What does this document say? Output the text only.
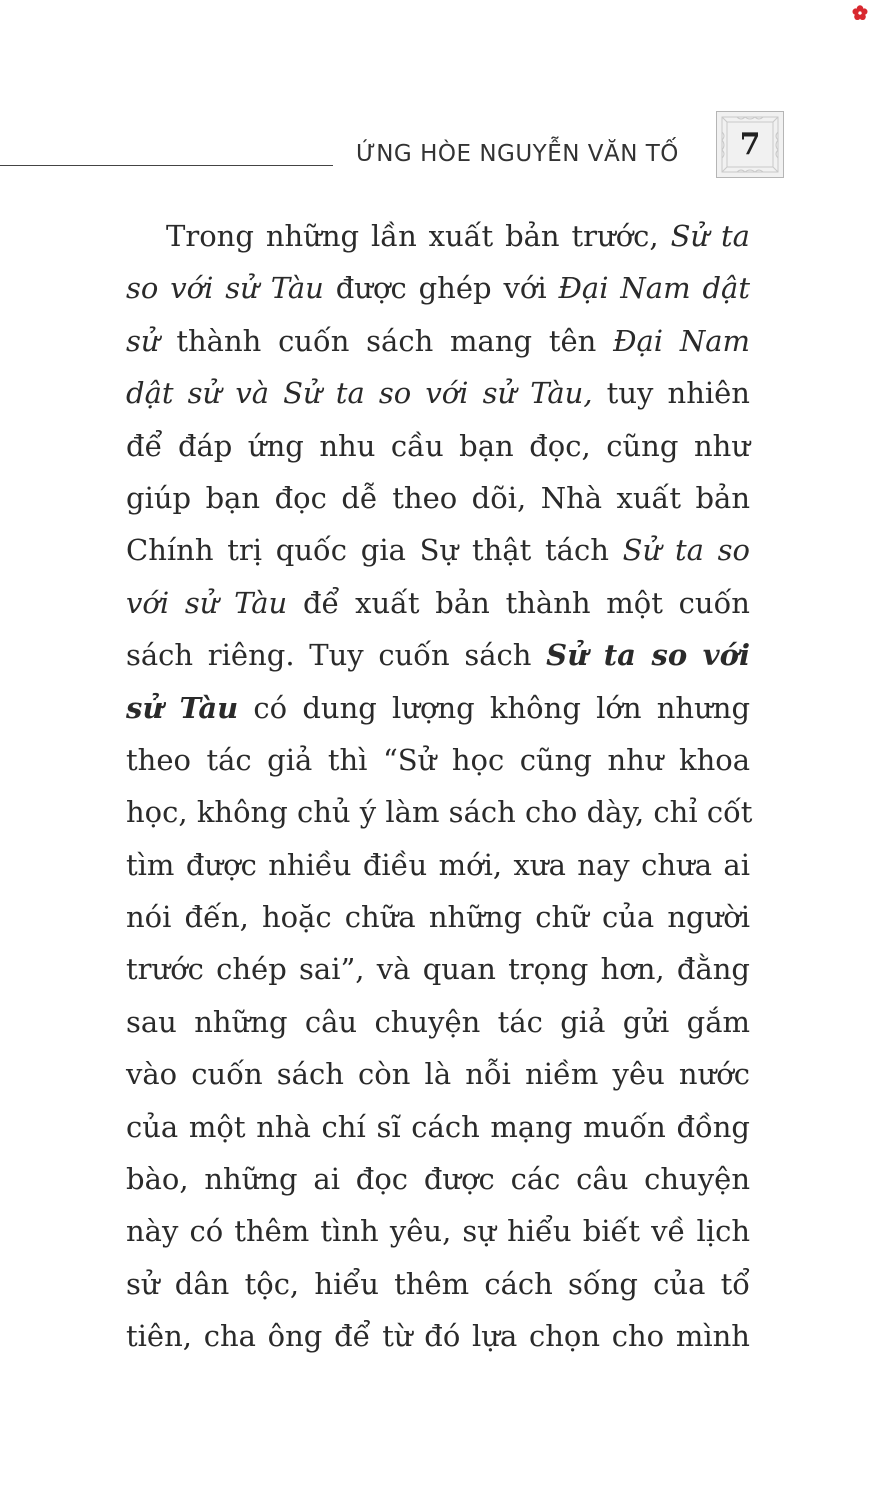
ỨNG HÒE NGUYỄN VĂN TỐ	7
Trong những lần xuất bản trước, Sử ta
so với sử Tàu được ghép với Đại Nam dật
sử thành cuốn sách mang tên Đại Nam
dật sử và Sử ta so với sử Tàu, tuy nhiên
để đáp ứng nhu cầu bạn đọc, cũng như
giúp bạn đọc dễ theo dõi, Nhà xuất bản
Chính trị quốc gia Sự thật tách Sử ta so
với sử Tàu để xuất bản thành một cuốn
sách riêng. Tuy cuốn sách Sử ta so với
sử Tàu có dung lượng không lớn nhưng
theo tác giả thì “Sử học cũng như khoa
học, không chủ ý làm sách cho dày, chỉ cốt
tìm được nhiều điều mới, xưa nay chưa ai
nói đến, hoặc chữa những chữ của người
trước chép sai”, và quan trọng hơn, đằng
sau những câu chuyện tác giả gửi gắm
vào cuốn sách còn là nỗi niềm yêu nước
của một nhà chí sĩ cách mạng muốn đồng
bào, những ai đọc được các câu chuyện
này có thêm tình yêu, sự hiểu biết về lịch
sử dân tộc, hiểu thêm cách sống của tổ
tiên, cha ông để từ đó lựa chọn cho mình
